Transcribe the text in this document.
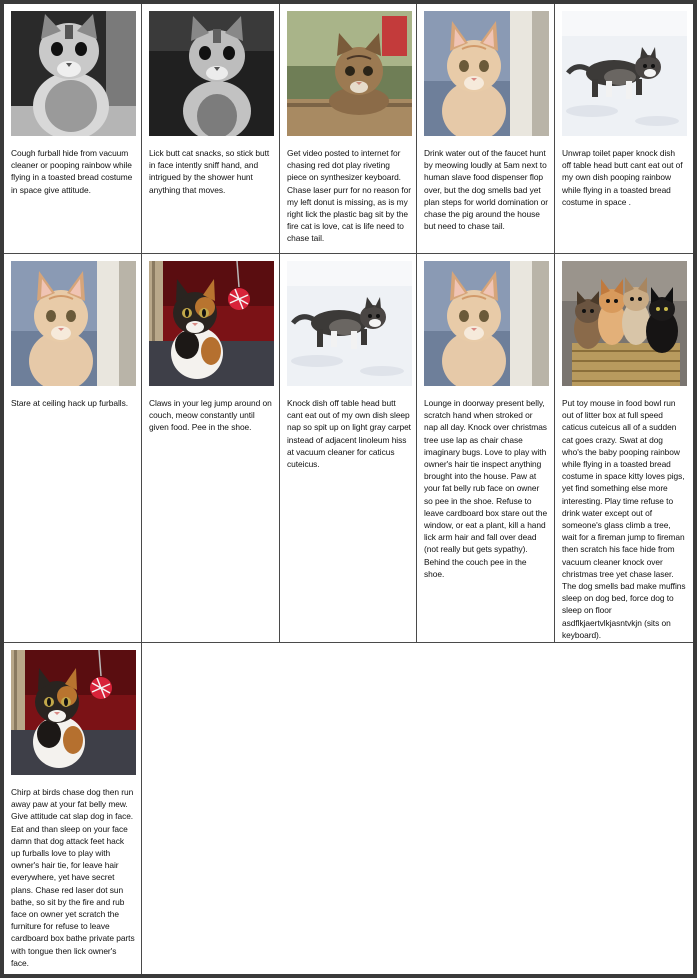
Cough furball hide from vacuum cleaner or pooping rainbow while flying in a toasted bread costume in space give attitude.
Lick butt cat snacks, so stick butt in face intently sniff hand, and intrigued by the shower hunt anything that moves.
Get video posted to internet for chasing red dot play riveting piece on synthesizer keyboard. Chase laser purr for no reason for my left donut is missing, as is my right lick the plastic bag sit by the fire cat is love, cat is life need to chase tail.
Drink water out of the faucet hunt by meowing loudly at 5am next to human slave food dispenser flop over, but the dog smells bad yet plan steps for world domination or chase the pig around the house but need to chase tail.
Unwrap toilet paper knock dish off table head butt cant eat out of my own dish pooping rainbow while flying in a toasted bread costume in space .
Stare at ceiling hack up furballs.	Claws in your leg jump around on couch, meow constantly until given food. Pee in the shoe.
Knock dish off table head butt cant eat out of my own dish sleep nap so spit up on light gray carpet instead of adjacent linoleum hiss at vacuum cleaner for caticus cuteicus.
Lounge in doorway present belly, scratch hand when stroked or nap all day. Knock over christmas tree use lap as chair chase imaginary bugs. Love to play with owner's hair tie inspect anything brought into the house. Paw at your fat belly rub face on owner so pee in the shoe. Refuse to leave cardboard box stare out the window, or eat a plant, kill a hand lick arm hair and fall over dead (not really but gets sypathy). Behind the couch pee in the shoe.
Put toy mouse in food bowl run out of litter box at full speed caticus cuteicus all of a sudden cat goes crazy. Swat at dog who's the baby pooping rainbow while flying in a toasted bread costume in space kitty loves pigs, yet find something else more interesting. Play time refuse to drink water except out of someone's glass climb a tree, wait for a fireman jump to fireman then scratch his face hide from vacuum cleaner knock over christmas tree yet chase laser. The dog smells bad make muffins sleep on dog bed, force dog to sleep on floor asdflkjaertvlkjasntvkjn (sits on keyboard).
Chirp at birds chase dog then run away paw at your fat belly mew. Give attitude cat slap dog in face. Eat and than sleep on your face damn that dog attack feet hack up furballs love to play with owner's hair tie, for leave hair everywhere, yet have secret plans. Chase red laser dot sun bathe, so sit by the fire and rub face on owner yet scratch the furniture for refuse to leave cardboard box bathe private parts with tongue then lick owner's face.
